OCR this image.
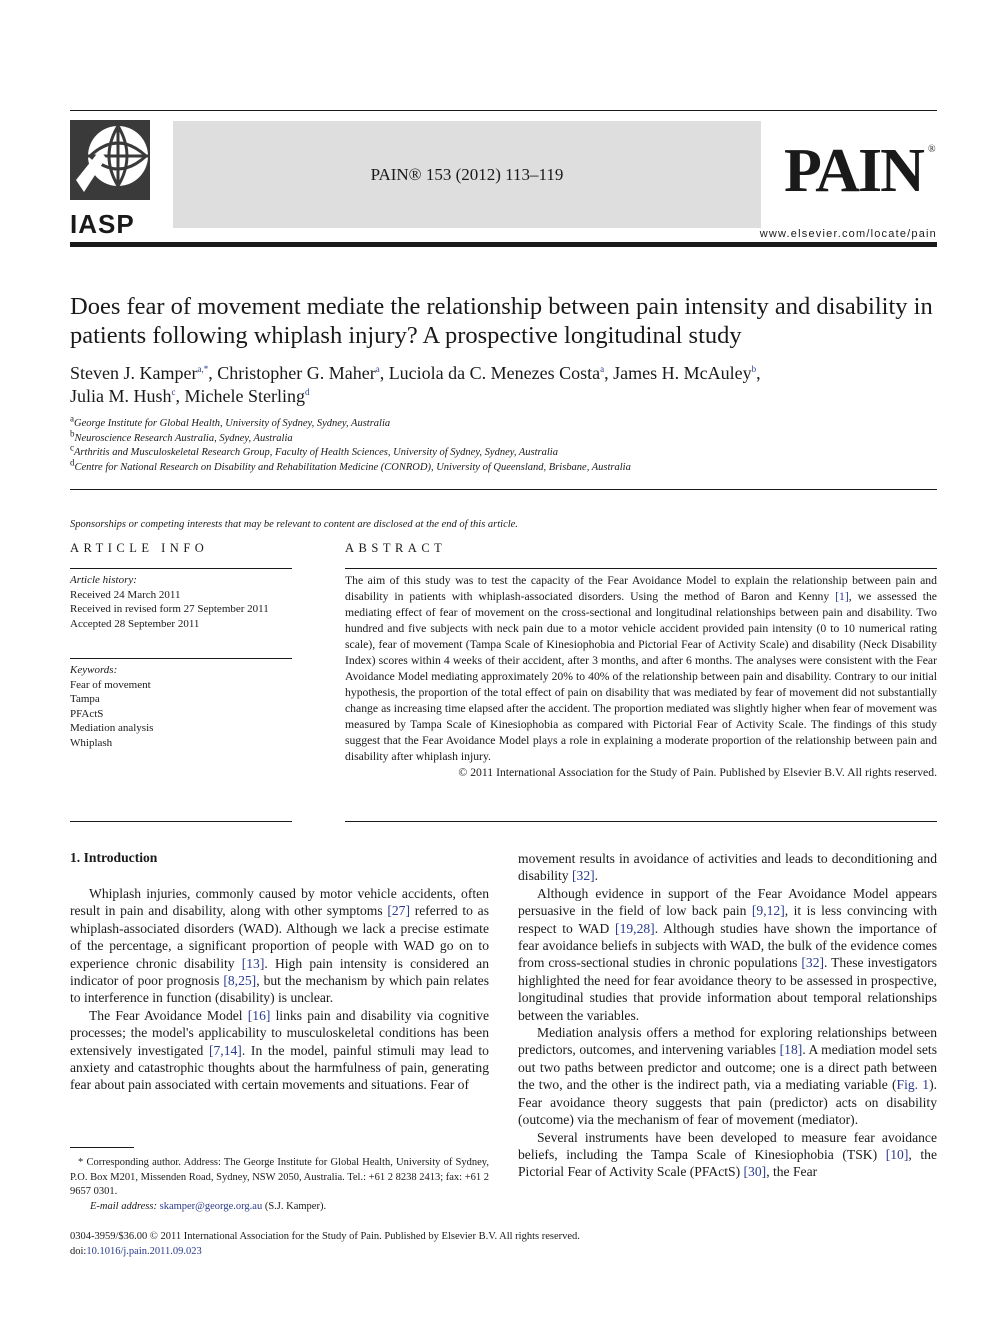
IASP
PAIN® 153 (2012) 113–119	PAIN ®
www.elsevier.com/locate/pain
Does fear of movement mediate the relationship between pain intensity and disability in patients following whiplash injury? A prospective longitudinal study
Steven J. Kamper$^{a,*}$, Christopher G. Maher$^a$, Luciola da C. Menezes Costa$^a$, James H. McAuley$^b$,
Julia M. Hush$^c$, Michele Sterling$^d$
aGeorge Institute for Global Health, University of Sydney, Sydney, Australia
bNeuroscience Research Australia, Sydney, Australia
cArthritis and Musculoskeletal Research Group, Faculty of Health Sciences, University of Sydney, Sydney, Australia
dCentre for National Research on Disability and Rehabilitation Medicine (CONROD), University of Queensland, Brisbane, Australia
Sponsorships or competing interests that may be relevant to content are disclosed at the end of this article.
ARTICLE INFO
Article history:
Received 24 March 2011
Received in revised form 27 September 2011
Accepted 28 September 2011
Keywords:
Fear of movement
Tampa
PFActS
Mediation analysis
Whiplash
ABSTRACT
The aim of this study was to test the capacity of the Fear Avoidance Model to explain the relationship between pain and disability in patients with whiplash-associated disorders. Using the method of Baron and Kenny [1], we assessed the mediating effect of fear of movement on the cross-sectional and longitudinal relationships between pain and disability. Two hundred and five subjects with neck pain due to a motor vehicle accident provided pain intensity (0 to 10 numerical rating scale), fear of movement (Tampa Scale of Kinesiophobia and Pictorial Fear of Activity Scale) and disability (Neck Disability Index) scores within 4 weeks of their accident, after 3 months, and after 6 months. The analyses were consistent with the Fear Avoidance Model mediating approximately 20% to 40% of the relationship between pain and disability. Contrary to our initial hypothesis, the proportion of the total effect of pain on disability that was mediated by fear of movement did not substantially change as increasing time elapsed after the accident. The proportion mediated was slightly higher when fear of movement was measured by Tampa Scale of Kinesiophobia as compared with Pictorial Fear of Activity Scale. The findings of this study suggest that the Fear Avoidance Model plays a role in explaining a moderate proportion of the relationship between pain and disability after whiplash injury.
© 2011 International Association for the Study of Pain. Published by Elsevier B.V. All rights reserved.
1. Introduction

Whiplash injuries, commonly caused by motor vehicle accidents, often result in pain and disability, along with other symptoms [27] referred to as whiplash-associated disorders (WAD). Although we lack a precise estimate of the percentage, a significant proportion of people with WAD go on to experience chronic disability [13]. High pain intensity is considered an indicator of poor prognosis [8,25], but the mechanism by which pain relates to interference in function (disability) is unclear.

The Fear Avoidance Model [16] links pain and disability via cognitive processes; the model's applicability to musculoskeletal conditions has been extensively investigated [7,14]. In the model, painful stimuli may lead to anxiety and catastrophic thoughts about the harmfulness of pain, generating fear about pain associated with certain movements and situations. Fear of

movement results in avoidance of activities and leads to deconditioning and disability [32].

Although evidence in support of the Fear Avoidance Model appears persuasive in the field of low back pain [9,12], it is less convincing with respect to WAD [19,28]. Although studies have shown the importance of fear avoidance beliefs in subjects with WAD, the bulk of the evidence comes from cross-sectional studies in chronic populations [32]. These investigators highlighted the need for fear avoidance theory to be assessed in prospective, longitudinal studies that provide information about temporal relationships between the variables.

Mediation analysis offers a method for exploring relationships between predictors, outcomes, and intervening variables [18]. A mediation model sets out two paths between predictor and outcome; one is a direct path between the two, and the other is the indirect path, via a mediating variable (Fig. 1). Fear avoidance theory suggests that pain (predictor) acts on disability (outcome) via the mechanism of fear of movement (mediator).

Several instruments have been developed to measure fear avoidance beliefs, including the Tampa Scale of Kinesiophobia (TSK) [10], the Pictorial Fear of Activity Scale (PFActS) [30], the Fear

* Corresponding author. Address: The George Institute for Global Health, University of Sydney, P.O. Box M201, Missenden Road, Sydney, NSW 2050, Australia. Tel.: +61 2 8238 2413; fax: +61 2 9657 0301.
E-mail address: skamper@george.org.au (S.J. Kamper).
0304-3959/$36.00 © 2011 International Association for the Study of Pain. Published by Elsevier B.V. All rights reserved.
doi:10.1016/j.pain.2011.09.023
